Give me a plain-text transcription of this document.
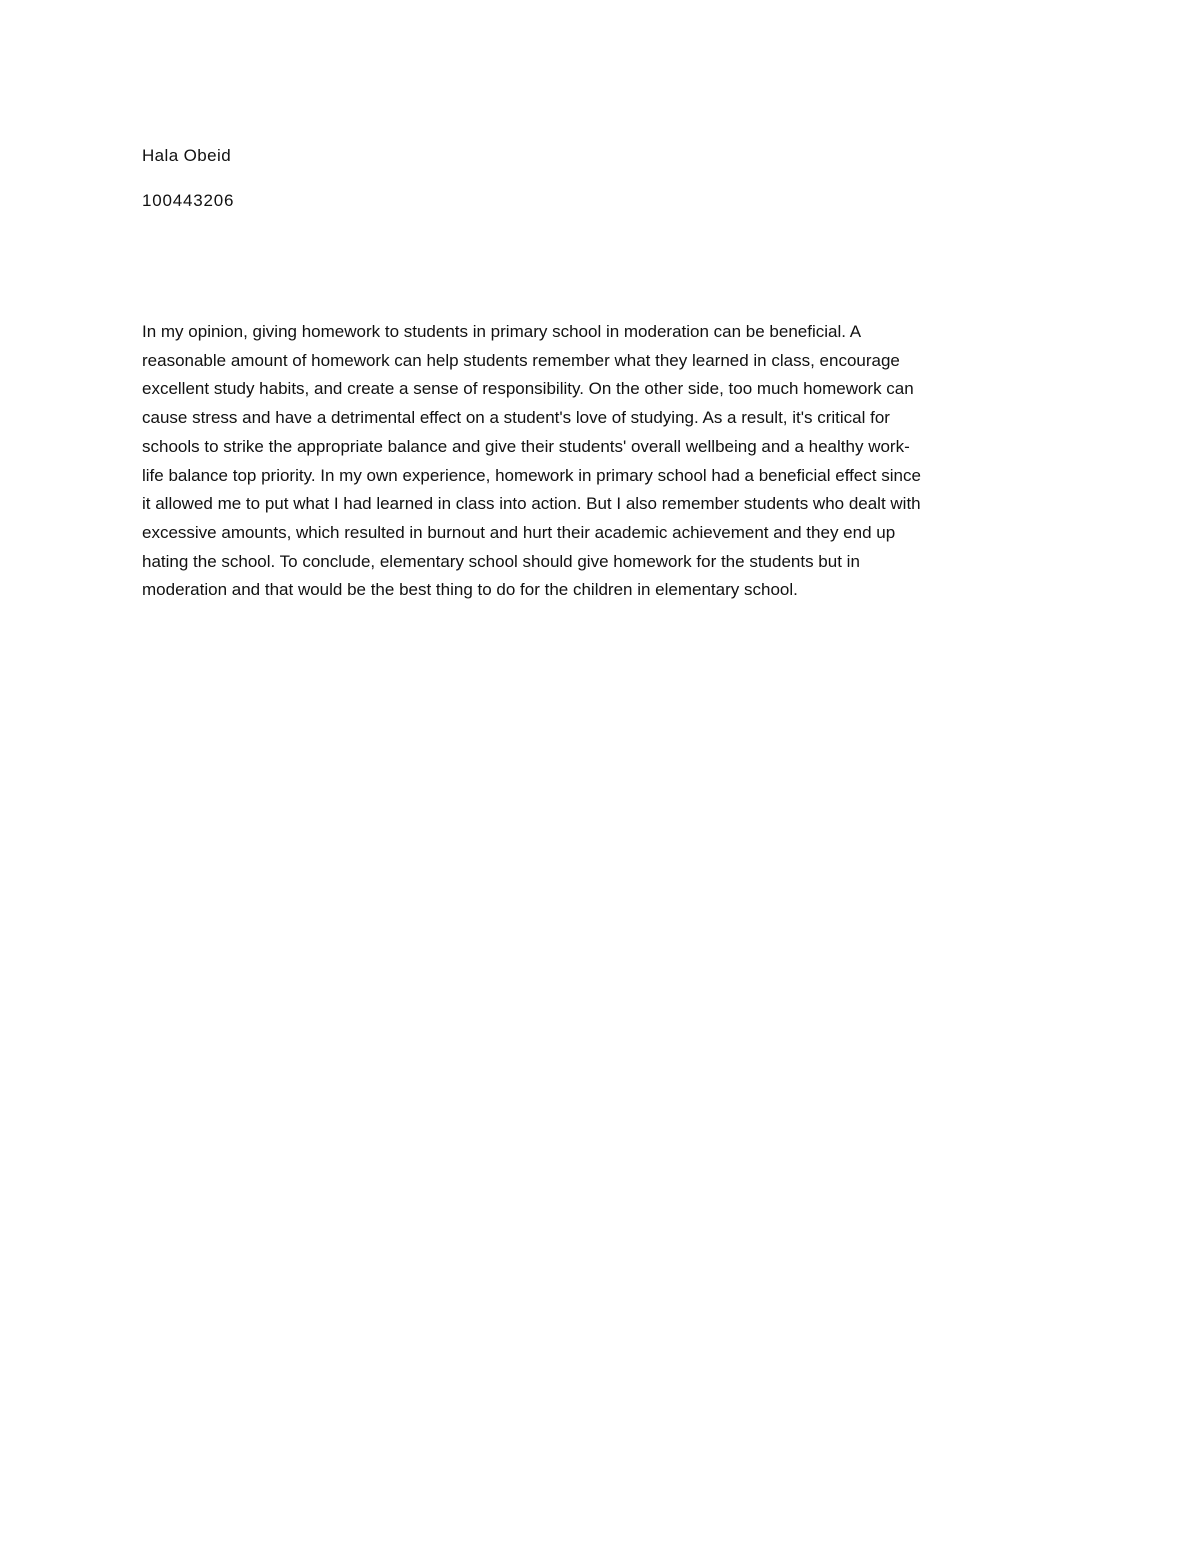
Hala Obeid

100443206

In my opinion, giving homework to students in primary school in moderation can be beneficial. A
reasonable amount of homework can help students remember what they learned in class, encourage
excellent study habits, and create a sense of responsibility. On the other side, too much homework can
cause stress and have a detrimental effect on a student's love of studying. As a result, it's critical for
schools to strike the appropriate balance and give their students' overall wellbeing and a healthy work-
life balance top priority. In my own experience, homework in primary school had a beneficial effect since
it allowed me to put what I had learned in class into action. But I also remember students who dealt with
excessive amounts, which resulted in burnout and hurt their academic achievement and they end up
hating the school. To conclude, elementary school should give homework for the students but in
moderation and that would be the best thing to do for the children in elementary school.
